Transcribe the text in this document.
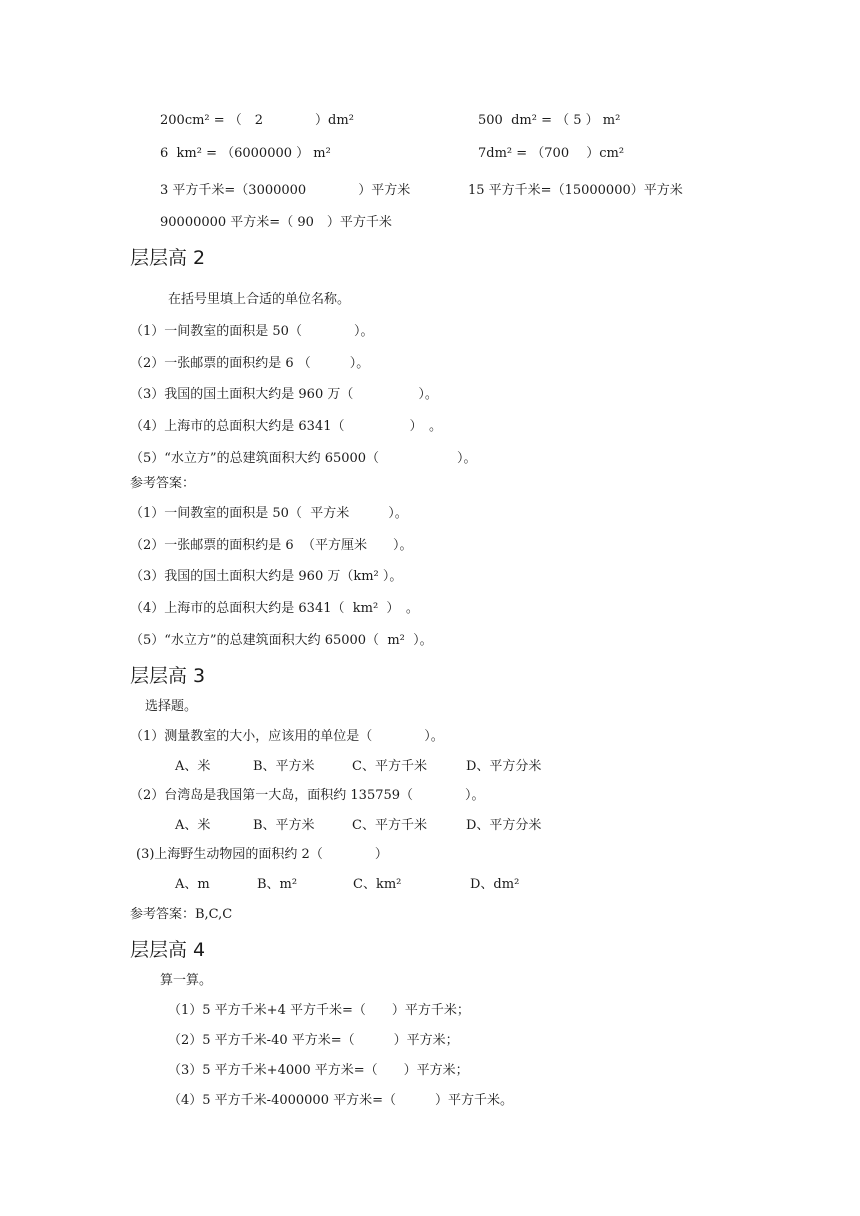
200cm² = （　2　　　　）dm²	500  dm² = （ 5 ） m²
6  km² = （6000000 ） m²	7dm² = （700　 ）cm²
3 平方千米=（3000000　　　　）平方米	15 平方千米=（15000000）平方米
90000000 平方米=（ 90　）平方千米
层层高 2
在括号里填上合适的单位名称。
（1）一间教室的面积是 50（　　　　）。
（2）一张邮票的面积约是 6 （　　　）。
（3）我国的国土面积大约是 960 万（　　　　　）。
（4）上海市的总面积大约是 6341（　　　　　）　。
（5）“水立方”的总建筑面积大约 65000（　　　　　　）。
参考答案：
（1）一间教室的面积是 50（  平方米　　　）。
（2）一张邮票的面积约是 6  （平方厘米　　）。
（3）我国的国土面积大约是 960 万（km² ）。
（4）上海市的总面积大约是 6341（  km²  ）　。
（5）“水立方”的总建筑面积大约 65000（  m²  ）。
层层高 3
选择题。
（1）测量教室的大小，应该用的单位是（　　　　）。
A、米	B、平方米	C、平方千米	D、平方分米
（2）台湾岛是我国第一大岛，面积约 135759（　　　　）。
A、米	B、平方米	C、平方千米	D、平方分米
(3)上海野生动物园的面积约 2（　　　　）
A、m	B、m²	C、km²	D、dm²
参考答案：B,C,C
层层高 4
算一算。
（1）5 平方千米+4 平方千米=（　　）平方千米；
（2）5 平方千米-40 平方米=（　　　）平方米；
（3）5 平方千米+4000 平方米=（　　）平方米；
（4）5 平方千米-4000000 平方米=（　　　）平方千米。
